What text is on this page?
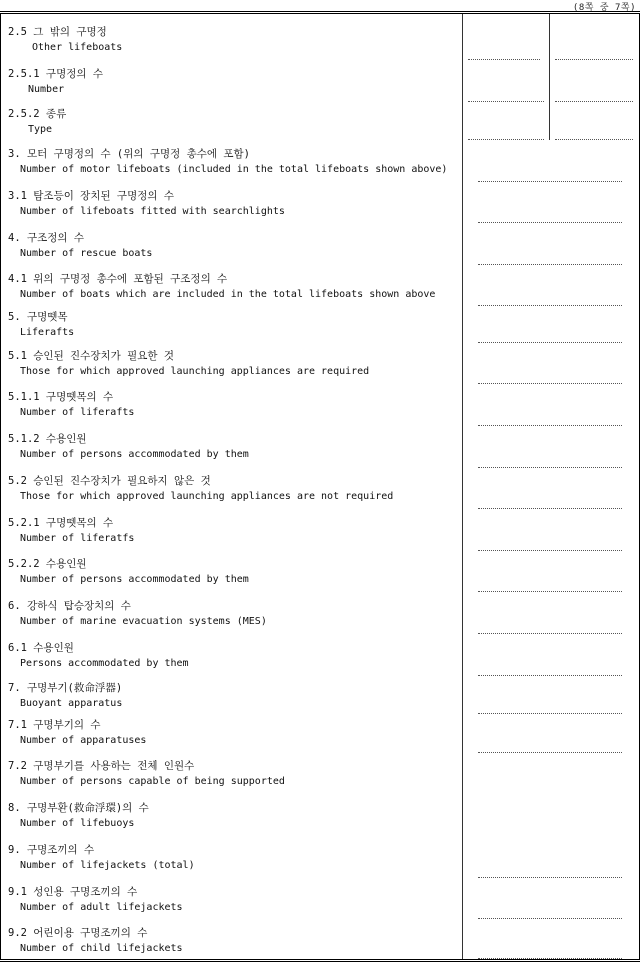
(8쪽 중 7쪽)
2.5 그 밖의 구명정
Other lifeboats
2.5.1 구명정의 수
Number
2.5.2 종류
Type
3. 모터 구명정의 수 (위의 구명정 총수에 포함)
Number of motor lifeboats (included in the total lifeboats shown above)
3.1 탐조등이 장치된 구명정의 수
Number of lifeboats fitted with searchlights
4. 구조정의 수
Number of rescue boats
4.1 위의 구명정 총수에 포함된 구조정의 수
Number of boats which are included in the total lifeboats shown above
5. 구명뗏목
Liferafts
5.1 승인된 진수장치가 필요한 것
Those for which approved launching appliances are required
5.1.1 구명뗏목의 수
Number of liferafts
5.1.2 수용인원
Number of persons accommodated by them
5.2 승인된 진수장치가 필요하지 않은 것
Those for which approved launching appliances are not required
5.2.1 구명뗏목의 수
Number of liferatfs
5.2.2 수용인원
Number of persons accommodated by them
6. 강하식 탑승장치의 수
Number of marine evacuation systems (MES)
6.1 수용인원
Persons accommodated by them
7. 구명부기(救命浮器)
Buoyant apparatus
7.1 구명부기의 수
Number of apparatuses
7.2 구명부기를 사용하는 전체 인원수
Number of persons capable of being supported
8. 구명부환(救命浮環)의 수
Number of lifebuoys
9. 구명조끼의 수
Number of lifejackets (total)
9.1 성인용 구명조끼의 수
Number of adult lifejackets
9.2 어린이용 구명조끼의 수
Number of child lifejackets
